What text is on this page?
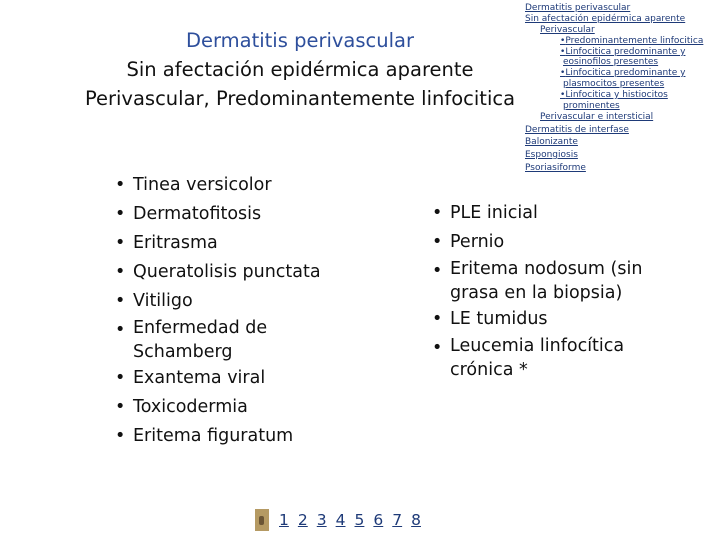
Dermatitis perivascular
Sin afectación epidérmica aparente
Perivascular, Predominantemente linfocitica
Dermatitis perivascular
Sin afectación epidérmica aparente
Perivascular
• Predominantemente linfocitica
• Linfocitica predominante y
eosinofilos presentes
• Linfocitica predominante y
plasmocitos presentes
• Linfocitica y histiocitos
prominentes
Perivascular e intersticial
Dermatitis de interfase
Balonizante
Espongiosis
Psoriasiforme
• Tinea versicolor
• Dermatofitosis
• Eritrasma
• Queratolisis punctata
• Vitiligo
• Enfermedad de
Schamberg
• Exantema viral
• Toxicodermia
• Eritema figuratum
• PLE inicial
• Pernio
• Eritema nodosum (sin
grasa en la biopsia)
• LE tumidus
• Leucemia linfocítica
crónica *
1 2 3 4 5 6 7 8
